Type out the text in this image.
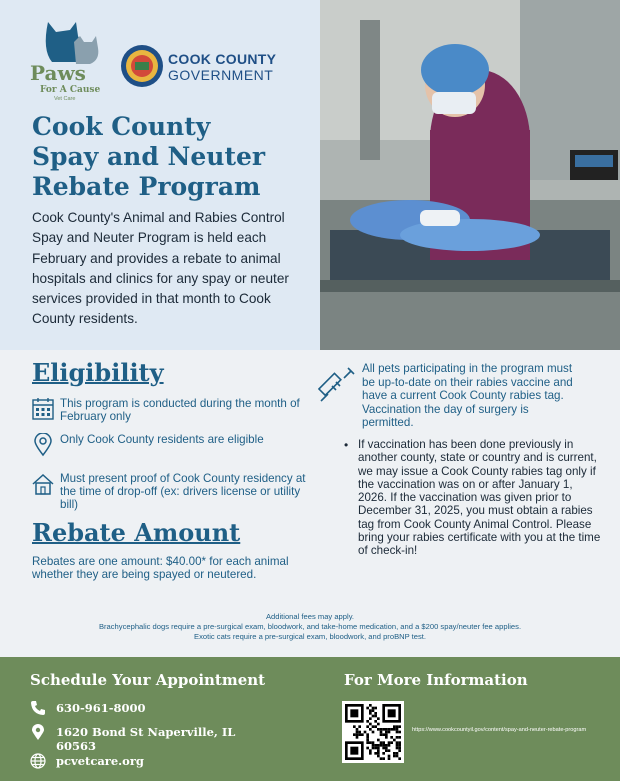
Paws
For A Cause
Vet Care
COOK COUNTY
GOVERNMENT
Cook County
Spay and Neuter
Rebate Program

Cook County's Animal and Rabies Control Spay and Neuter Program is held each February and provides a rebate to animal hospitals and clinics for any spay or neuter services provided in that month to Cook County residents.

Eligibility
This program is conducted during the month of February only
Only Cook County residents are eligible
Must present proof of Cook County residency at the time of drop-off (ex: drivers license or utility bill)
Rebate Amount

Rebates are one amount: $40.00* for each animal whether they are being spayed or neutered.

All pets participating in the program must be up-to-date on their rabies vaccine and have a current Cook County rabies tag. Vaccination the day of surgery is permitted.

• If vaccination has been done previously in another county, state or country and is current, we may issue a Cook County rabies tag only if the vaccination was on or after January 1, 2026. If the vaccination was given prior to December 31, 2025, you must obtain a rabies tag from Cook County Animal Control. Please bring your rabies certificate with you at the time of check-in!

Additional fees may apply.
Brachycephalic dogs require a pre-surgical exam, bloodwork, and take-home medication, and a $200 spay/neuter fee applies.
Exotic cats require a pre-surgical exam, bloodwork, and proBNP test.
Schedule Your Appointment
630-961-8000
1620 Bond St Naperville, IL 60563
pcvetcare.org
For More Information
https://www.cookcountyil.gov/content/spay-and-neuter-rebate-program
